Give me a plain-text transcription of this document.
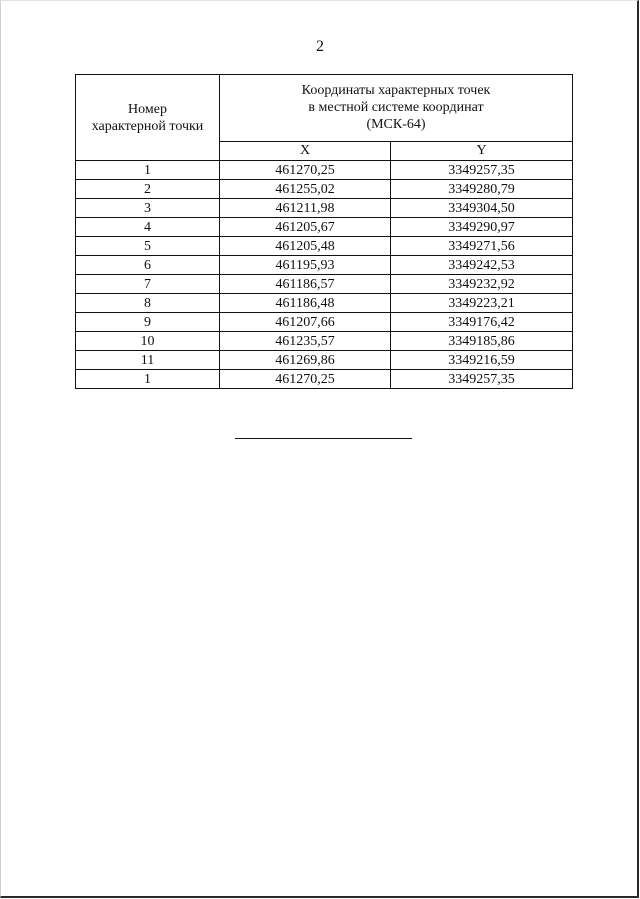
2
Номер
характерной точки	Координаты характерных точек
в местной системе координат
(МСК-64)	

	X	Y
1	461270,25	3349257,35
2	461255,02	3349280,79
3	461211,98	3349304,50
4	461205,67	3349290,97
5	461205,48	3349271,56
6	461195,93	3349242,53
7	461186,57	3349232,92
8	461186,48	3349223,21
9	461207,66	3349176,42
10	461235,57	3349185,86
11	461269,86	3349216,59
1	461270,25	3349257,35
